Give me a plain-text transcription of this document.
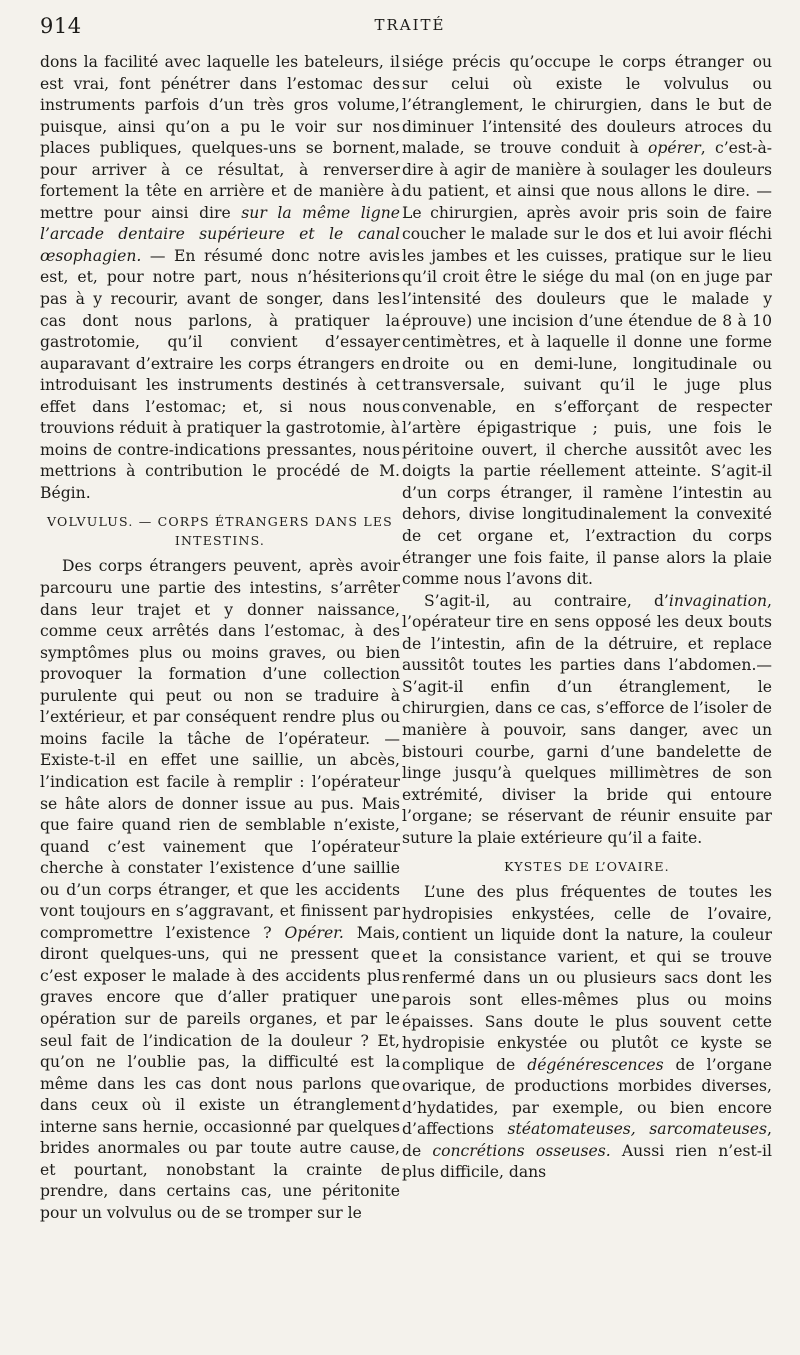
914	TRAITÉ

dons la facilité avec laquelle les bateleurs, il est vrai, font pénétrer dans l’estomac des instruments parfois d’un très gros volume, puisque, ainsi qu’on a pu le voir sur nos places publiques, quelques-uns se bornent, pour arriver à ce résultat, à renverser fortement la tête en arrière et de manière à mettre pour ainsi dire sur la même ligne l’arcade dentaire supérieure et le canal œsophagien. — En résumé donc notre avis est, et, pour notre part, nous n’hésiterions pas à y recourir, avant de songer, dans les cas dont nous parlons, à pratiquer la gastrotomie, qu’il convient d’essayer auparavant d’extraire les corps étrangers en introduisant les instruments destinés à cet effet dans l’estomac; et, si nous nous trouvions réduit à pratiquer la gastrotomie, à moins de contre-indications pressantes, nous mettrions à contribution le procédé de M. Bégin.

VOLVULUS. — CORPS ÉTRANGERS DANS LES INTESTINS.

Des corps étrangers peuvent, après avoir parcouru une partie des intestins, s’arrêter dans leur trajet et y donner naissance, comme ceux arrêtés dans l’estomac, à des symptômes plus ou moins graves, ou bien provoquer la formation d’une collection purulente qui peut ou non se traduire à l’extérieur, et par conséquent rendre plus ou moins facile la tâche de l’opérateur. — Existe-t-il en effet une saillie, un abcès, l’indication est facile à remplir : l’opérateur se hâte alors de donner issue au pus. Mais que faire quand rien de semblable n’existe, quand c’est vainement que l’opérateur cherche à constater l’existence d’une saillie ou d’un corps étranger, et que les accidents vont toujours en s’aggravant, et finissent par compromettre l’existence ? Opérer. Mais, diront quelques-uns, qui ne pressent que c’est exposer le malade à des accidents plus graves encore que d’aller pratiquer une opération sur de pareils organes, et par le seul fait de l’indication de la douleur ? Et, qu’on ne l’oublie pas, la difficulté est la même dans les cas dont nous parlons que dans ceux où il existe un étranglement interne sans hernie, occasionné par quelques brides anormales ou par toute autre cause, et pourtant, nonobstant la crainte de prendre, dans certains cas, une péritonite pour un volvulus ou de se tromper sur le

siége précis qu’occupe le corps étranger ou sur celui où existe le volvulus ou l’étranglement, le chirurgien, dans le but de diminuer l’intensité des douleurs atroces du malade, se trouve conduit à opérer, c’est-à-dire à agir de manière à soulager les douleurs du patient, et ainsi que nous allons le dire. — Le chirurgien, après avoir pris soin de faire coucher le malade sur le dos et lui avoir fléchi les jambes et les cuisses, pratique sur le lieu qu’il croit être le siége du mal (on en juge par l’intensité des douleurs que le malade y éprouve) une incision d’une étendue de 8 à 10 centimètres, et à laquelle il donne une forme droite ou en demi-lune, longitudinale ou transversale, suivant qu’il le juge plus convenable, en s’efforçant de respecter l’artère épigastrique ; puis, une fois le péritoine ouvert, il cherche aussitôt avec les doigts la partie réellement atteinte. S’agit-il d’un corps étranger, il ramène l’intestin au dehors, divise longitudinalement la convexité de cet organe et, l’extraction du corps étranger une fois faite, il panse alors la plaie comme nous l’avons dit.

S’agit-il, au contraire, d’invagination, l’opérateur tire en sens opposé les deux bouts de l’intestin, afin de la détruire, et replace aussitôt toutes les parties dans l’abdomen.— S’agit-il enfin d’un étranglement, le chirurgien, dans ce cas, s’efforce de l’isoler de manière à pouvoir, sans danger, avec un bistouri courbe, garni d’une bandelette de linge jusqu’à quelques millimètres de son extrémité, diviser la bride qui entoure l’organe; se réservant de réunir ensuite par suture la plaie extérieure qu’il a faite.

KYSTES DE L’OVAIRE.

L’une des plus fréquentes de toutes les hydropisies enkystées, celle de l’ovaire, contient un liquide dont la nature, la couleur et la consistance varient, et qui se trouve renfermé dans un ou plusieurs sacs dont les parois sont elles-mêmes plus ou moins épaisses. Sans doute le plus souvent cette hydropisie enkystée ou plutôt ce kyste se complique de dégénérescences de l’organe ovarique, de productions morbides diverses, d’hydatides, par exemple, ou bien encore d’affections stéatomateuses, sarcomateuses, de concrétions osseuses. Aussi rien n’est-il plus difficile, dans
